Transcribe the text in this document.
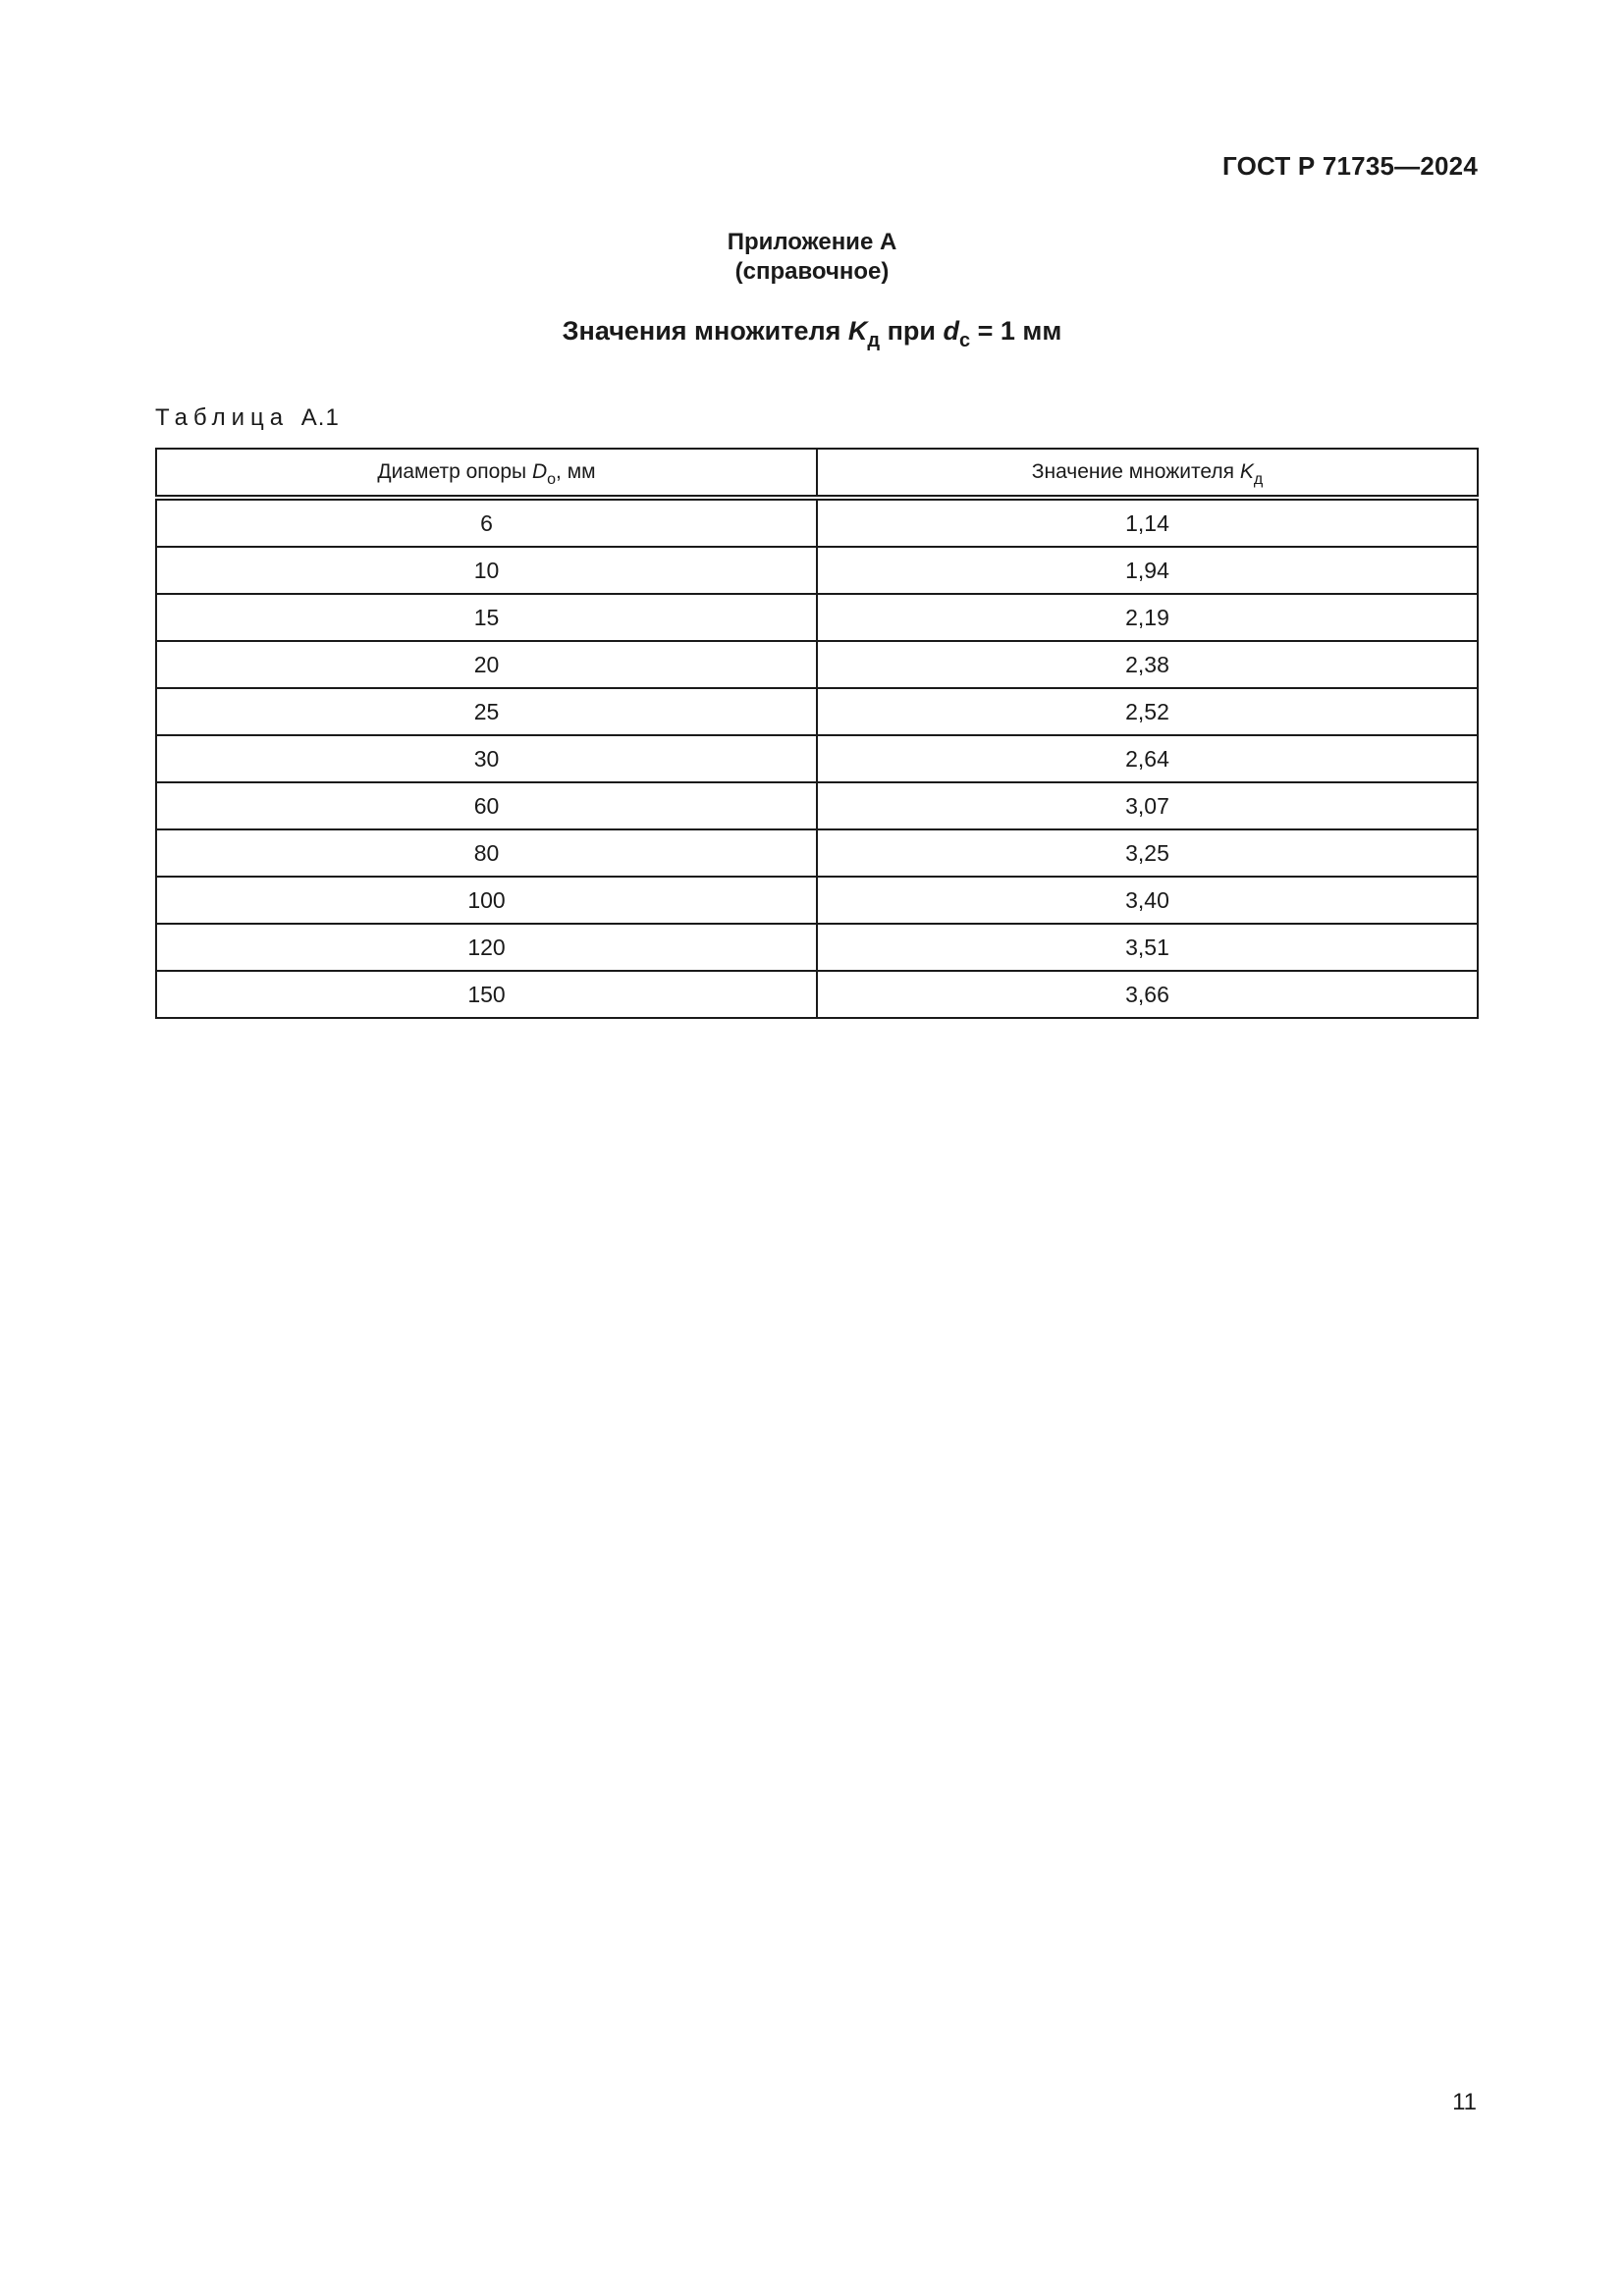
ГОСТ Р 71735—2024
Приложение А
(справочное)
Значения множителя $K_д$ при $d_с = 1$ мм
Таблица А.1
Диаметр опоры $D_о$, мм	Значение множителя $K_д$
6	1,14
10	1,94
15	2,19
20	2,38
25	2,52
30	2,64
60	3,07
80	3,25
100	3,40
120	3,51
150	3,66
11
